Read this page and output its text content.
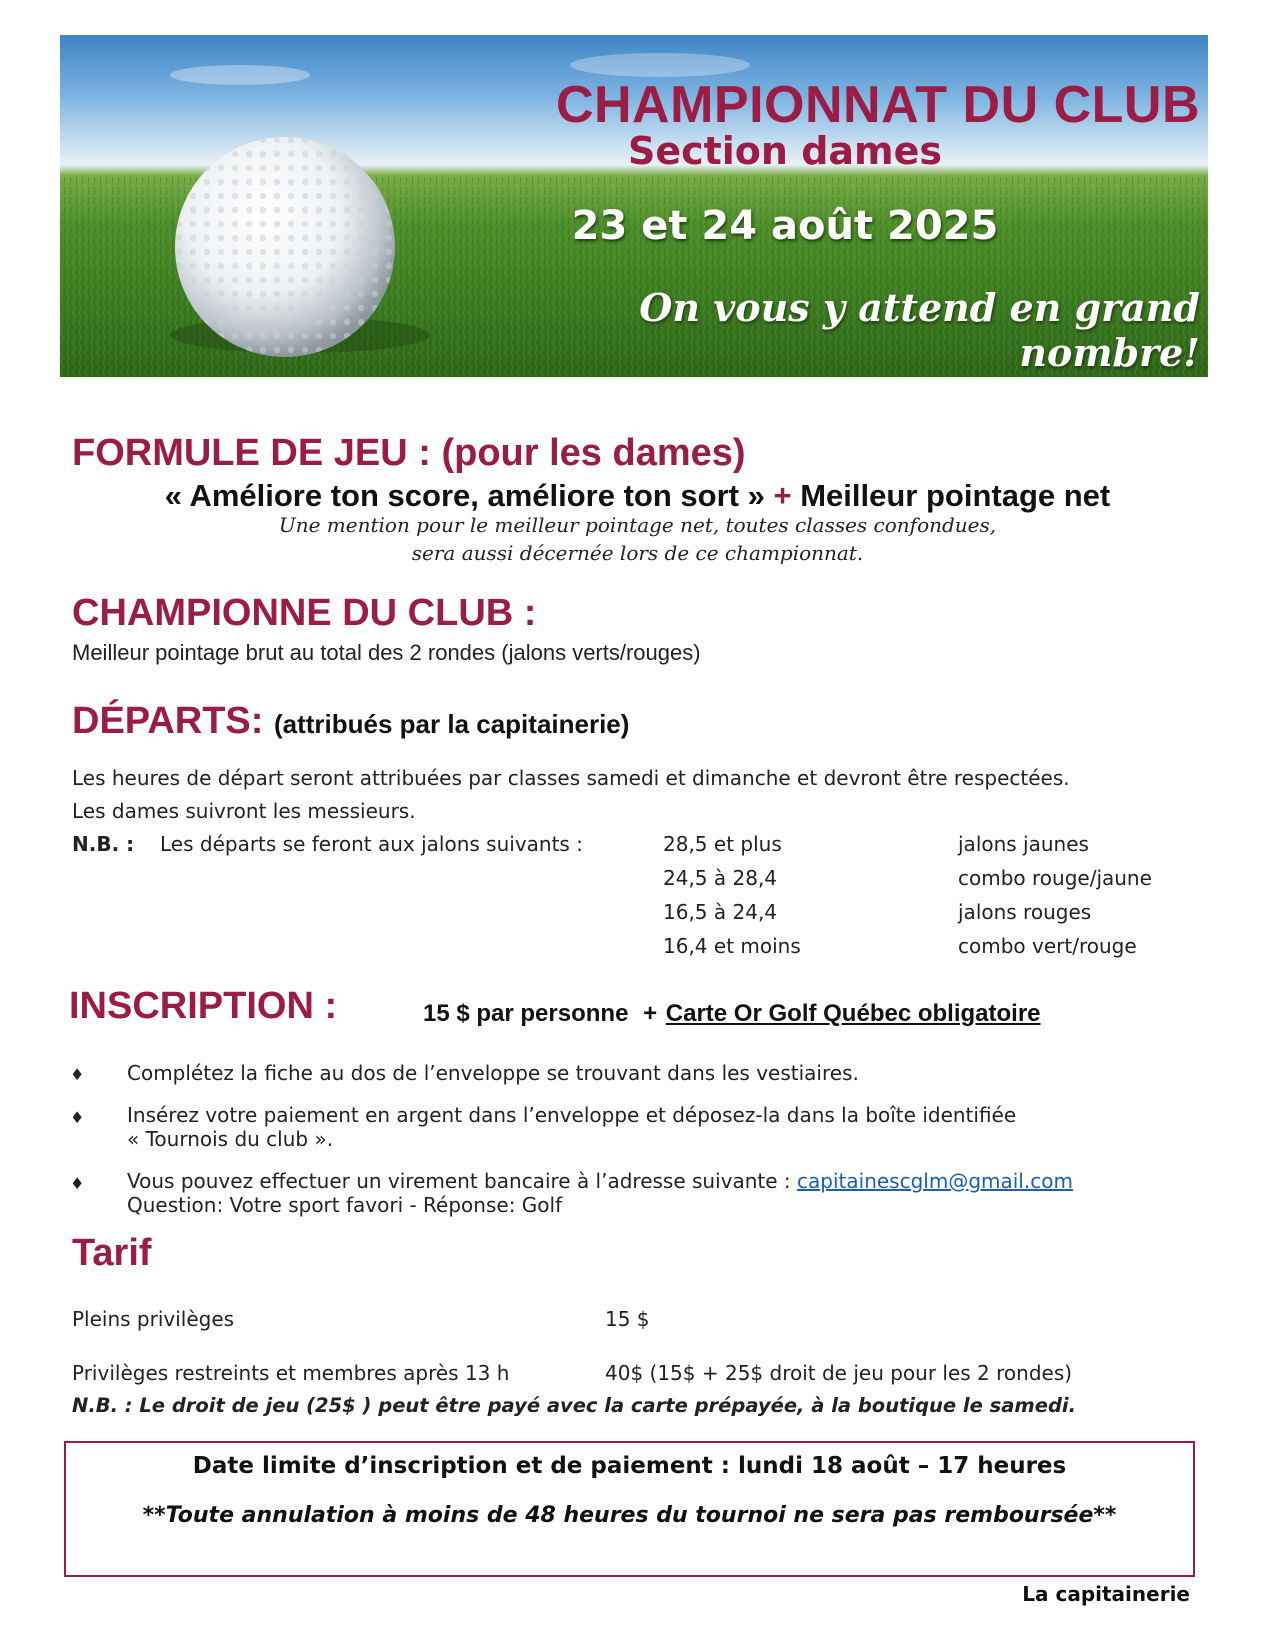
CHAMPIONNAT DU CLUB
Section dames
23 et 24 août 2025
On vous y attend en grand nombre!
FORMULE DE JEU : (pour les dames)
« Améliore ton score, améliore ton sort » + Meilleur pointage net
Une mention pour le meilleur pointage net, toutes classes confondues,
sera aussi décernée lors de ce championnat.
CHAMPIONNE DU CLUB :
Meilleur pointage brut au total des 2 rondes (jalons verts/rouges)
DÉPARTS: (attribués par la capitainerie)
Les heures de départ seront attribuées par classes samedi et dimanche et devront être respectées.
Les dames suivront les messieurs.
N.B. : Les départs se feront aux jalons suivants :	28,5 et plus	jalons jaunes
24,5 à 28,4	combo rouge/jaune
16,5 à 24,4	jalons rouges
16,4 et moins	combo vert/rouge
INSCRIPTION :	15 $ par personne + Carte Or Golf Québec obligatoire
♦ Complétez la fiche au dos de l’enveloppe se trouvant dans les vestiaires.
♦ Insérez votre paiement en argent dans l’enveloppe et déposez-la dans la boîte identifiée
« Tournois du club ».
♦ Vous pouvez effectuer un virement bancaire à l’adresse suivante : capitainescglm@gmail.com
Question: Votre sport favori - Réponse: Golf
Tarif
Pleins privilèges	15 $
Privilèges restreints et membres après 13 h	40$ (15$ + 25$ droit de jeu pour les 2 rondes)
N.B. : Le droit de jeu (25$ ) peut être payé avec la carte prépayée, à la boutique le samedi.
Date limite d’inscription et de paiement : lundi 18 août – 17 heures
**Toute annulation à moins de 48 heures du tournoi ne sera pas remboursée**
La capitainerie
